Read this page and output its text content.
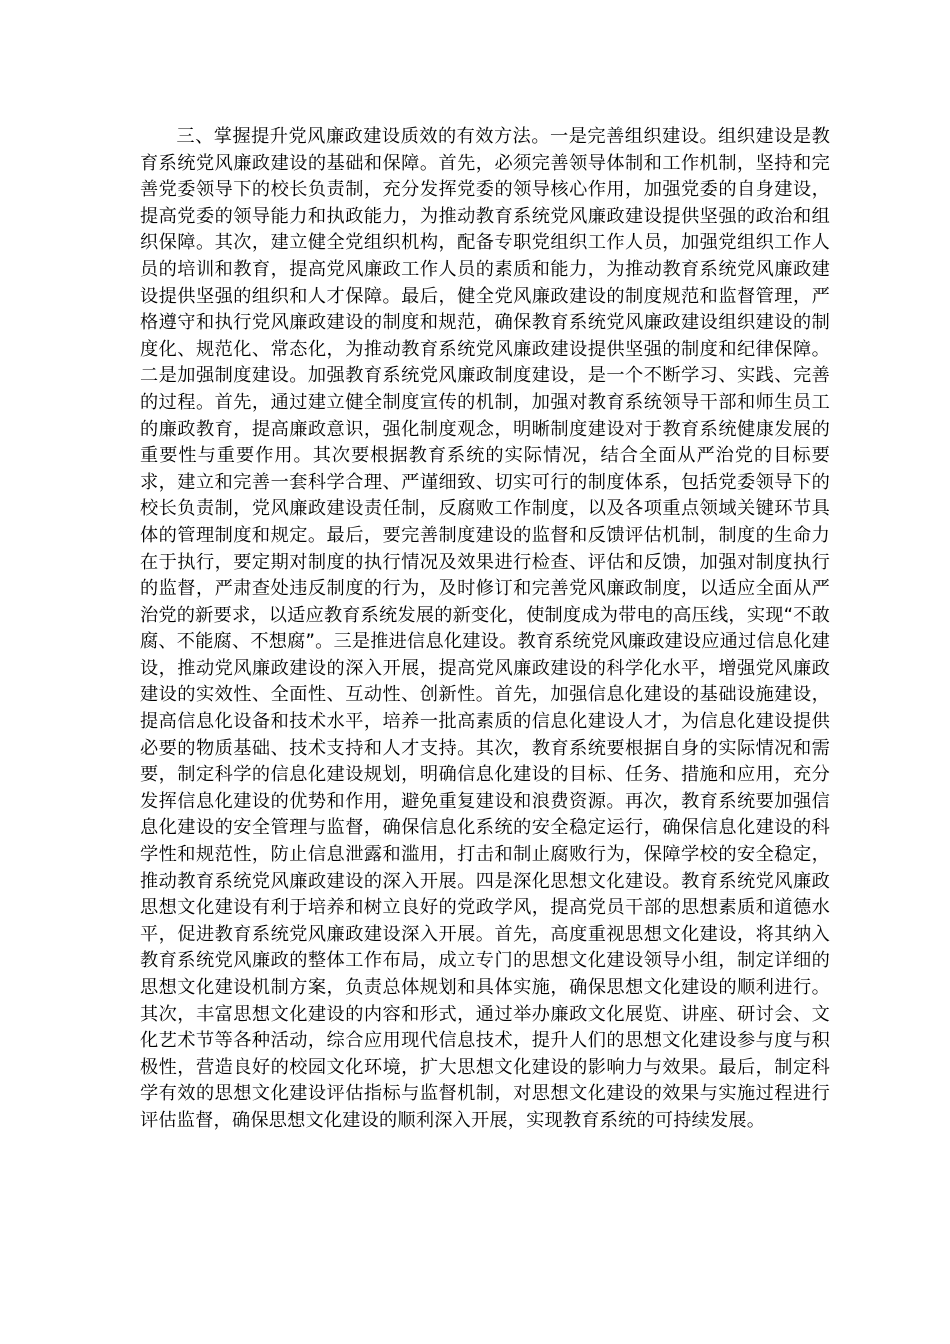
三、掌握提升党风廉政建设质效的有效方法。一是完善组织建设。组织建设是教育系统党风廉政建设的基础和保障。首先，必须完善领导体制和工作机制，坚持和完善党委领导下的校长负责制，充分发挥党委的领导核心作用，加强党委的自身建设，提高党委的领导能力和执政能力，为推动教育系统党风廉政建设提供坚强的政治和组织保障。其次，建立健全党组织机构，配备专职党组织工作人员，加强党组织工作人员的培训和教育，提高党风廉政工作人员的素质和能力，为推动教育系统党风廉政建设提供坚强的组织和人才保障。最后，健全党风廉政建设的制度规范和监督管理，严格遵守和执行党风廉政建设的制度和规范，确保教育系统党风廉政建设组织建设的制度化、规范化、常态化，为推动教育系统党风廉政建设提供坚强的制度和纪律保障。二是加强制度建设。加强教育系统党风廉政制度建设，是一个不断学习、实践、完善的过程。首先，通过建立健全制度宣传的机制，加强对教育系统领导干部和师生员工的廉政教育，提高廉政意识，强化制度观念，明晰制度建设对于教育系统健康发展的重要性与重要作用。其次要根据教育系统的实际情况，结合全面从严治党的目标要求，建立和完善一套科学合理、严谨细致、切实可行的制度体系，包括党委领导下的校长负责制，党风廉政建设责任制，反腐败工作制度，以及各项重点领域关键环节具体的管理制度和规定。最后，要完善制度建设的监督和反馈评估机制，制度的生命力在于执行，要定期对制度的执行情况及效果进行检查、评估和反馈，加强对制度执行的监督，严肃查处违反制度的行为，及时修订和完善党风廉政制度，以适应全面从严治党的新要求，以适应教育系统发展的新变化，使制度成为带电的高压线，实现“不敢腐、不能腐、不想腐”。三是推进信息化建设。教育系统党风廉政建设应通过信息化建设，推动党风廉政建设的深入开展，提高党风廉政建设的科学化水平，增强党风廉政建设的实效性、全面性、互动性、创新性。首先，加强信息化建设的基础设施建设，提高信息化设备和技术水平，培养一批高素质的信息化建设人才，为信息化建设提供必要的物质基础、技术支持和人才支持。其次，教育系统要根据自身的实际情况和需要，制定科学的信息化建设规划，明确信息化建设的目标、任务、措施和应用，充分发挥信息化建设的优势和作用，避免重复建设和浪费资源。再次，教育系统要加强信息化建设的安全管理与监督，确保信息化系统的安全稳定运行，确保信息化建设的科学性和规范性，防止信息泄露和滥用，打击和制止腐败行为，保障学校的安全稳定，推动教育系统党风廉政建设的深入开展。四是深化思想文化建设。教育系统党风廉政思想文化建设有利于培养和树立良好的党政学风，提高党员干部的思想素质和道德水平，促进教育系统党风廉政建设深入开展。首先，高度重视思想文化建设，将其纳入教育系统党风廉政的整体工作布局，成立专门的思想文化建设领导小组，制定详细的思想文化建设机制方案，负责总体规划和具体实施，确保思想文化建设的顺利进行。其次，丰富思想文化建设的内容和形式，通过举办廉政文化展览、讲座、研讨会、文化艺术节等各种活动，综合应用现代信息技术，提升人们的思想文化建设参与度与积极性，营造良好的校园文化环境，扩大思想文化建设的影响力与效果。最后，制定科学有效的思想文化建设评估指标与监督机制，对思想文化建设的效果与实施过程进行评估监督，确保思想文化建设的顺利深入开展，实现教育系统的可持续发展。
